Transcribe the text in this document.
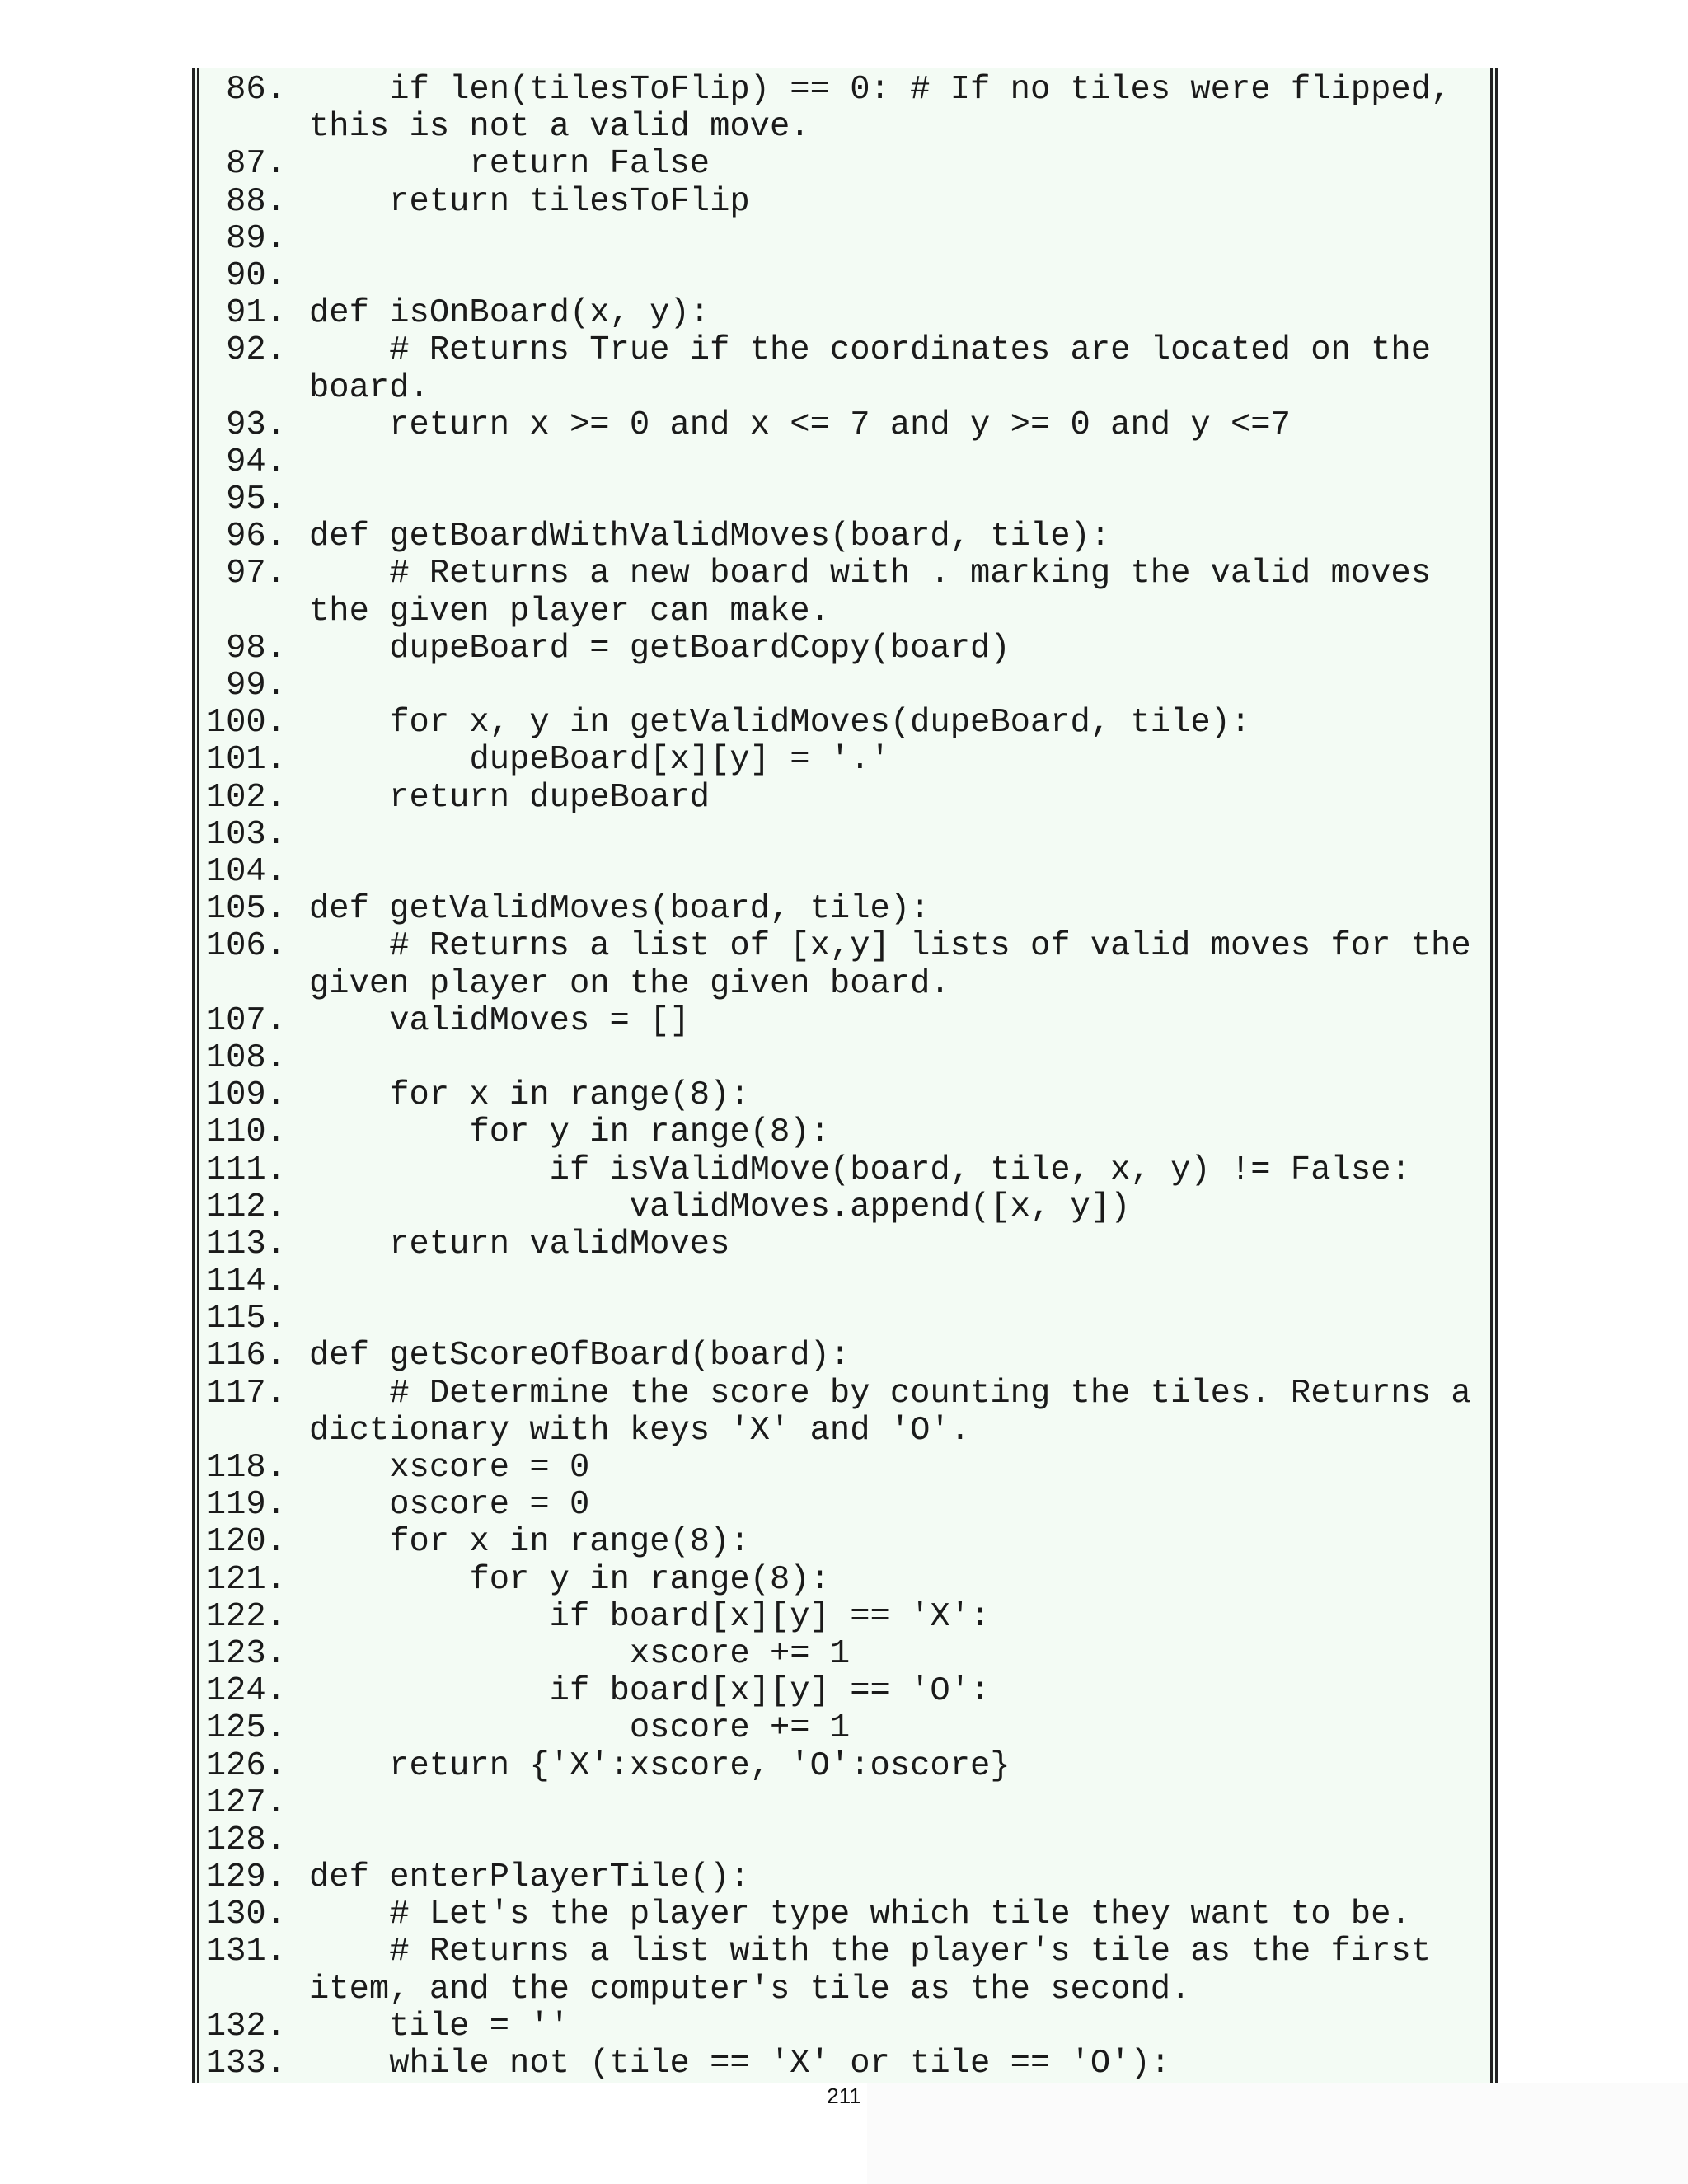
86. if len(tilesToFlip) == 0: # If no tiles were flipped, this is not a valid move.
87. return False
88. return tilesToFlip
89.
90.
91. def isOnBoard(x, y):
92. # Returns True if the coordinates are located on the board.
93. return x >= 0 and x <= 7 and y >= 0 and y <=7
94.
95.
96. def getBoardWithValidMoves(board, tile):
97. # Returns a new board with . marking the valid moves the given player can make.
98. dupeBoard = getBoardCopy(board)
99.
100. for x, y in getValidMoves(dupeBoard, tile):
101. dupeBoard[x][y] = '.'
102. return dupeBoard
103.
104.
105. def getValidMoves(board, tile):
106. # Returns a list of [x,y] lists of valid moves for the given player on the given board.
107. validMoves = []
108.
109. for x in range(8):
110. for y in range(8):
111. if isValidMove(board, tile, x, y) != False:
112. validMoves.append([x, y])
113. return validMoves
114.
115.
116. def getScoreOfBoard(board):
117. # Determine the score by counting the tiles. Returns a dictionary with keys 'X' and 'O'.
118. xscore = 0
119. oscore = 0
120. for x in range(8):
121. for y in range(8):
122. if board[x][y] == 'X':
123. xscore += 1
124. if board[x][y] == 'O':
125. oscore += 1
126. return {'X':xscore, 'O':oscore}
127.
128.
129. def enterPlayerTile():
130. # Let's the player type which tile they want to be.
131. # Returns a list with the player's tile as the first item, and the computer's tile as the second.
132. tile = ''
133. while not (tile == 'X' or tile == 'O'):
211
